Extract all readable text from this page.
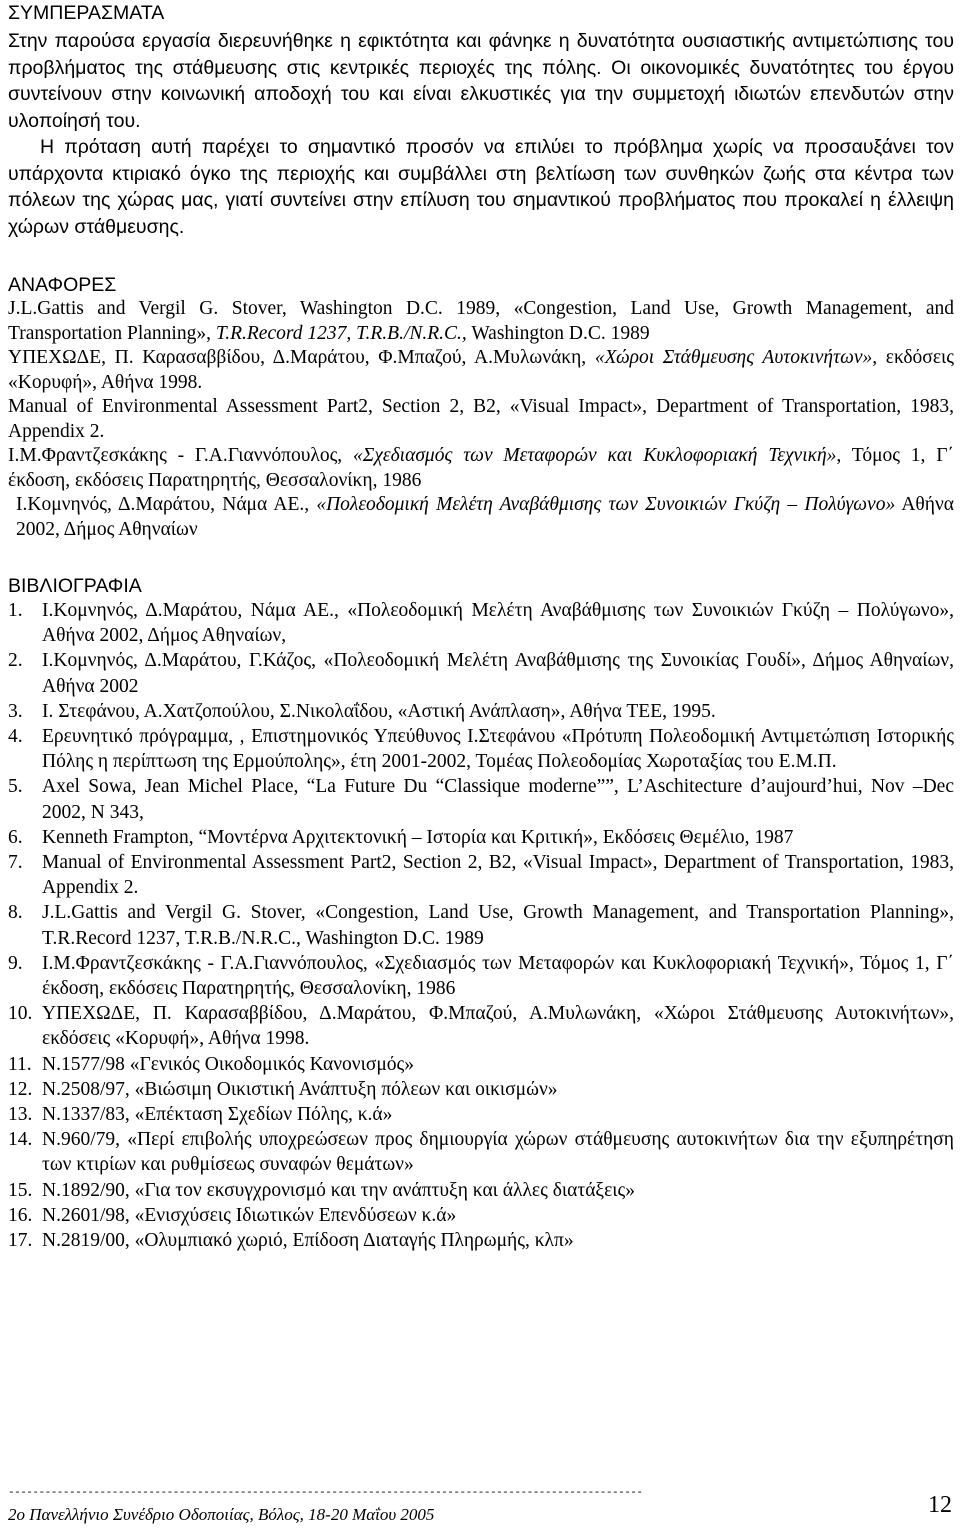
ΣΥΜΠΕΡΑΣΜΑΤΑ

Στην παρούσα εργασία διερευνήθηκε η εφικτότητα και φάνηκε η δυνατότητα ουσιαστικής αντιμετώπισης του προβλήματος της στάθμευσης στις κεντρικές περιοχές της πόλης. Οι οικονομικές δυνατότητες του έργου συντείνουν στην κοινωνική αποδοχή του και είναι ελκυστικές για την συμμετοχή ιδιωτών επενδυτών στην υλοποίησή του.

Η πρόταση αυτή παρέχει το σημαντικό προσόν να επιλύει το πρόβλημα χωρίς να προσαυξάνει τον υπάρχοντα κτιριακό όγκο της περιοχής και συμβάλλει στη βελτίωση των συνθηκών ζωής στα κέντρα των πόλεων της χώρας μας, γιατί συντείνει στην επίλυση του σημαντικού προβλήματος που προκαλεί η έλλειψη χώρων στάθμευσης.

ΑΝΑΦΟΡΕΣ

J.L.Gattis and Vergil G. Stover, Washington D.C. 1989, «Congestion, Land Use, Growth Management, and Transportation Planning», T.R.Record 1237, T.R.B./N.R.C., Washington D.C. 1989

ΥΠΕΧΩΔΕ, Π. Καρασαββίδου, Δ.Μαράτου, Φ.Μπαζού, Α.Μυλωνάκη, «Χώροι Στάθμευσης Αυτοκινήτων», εκδόσεις «Κορυφή», Αθήνα 1998.

Manual of Environmental Assessment Part2, Section 2, B2, «Visual Impact», Department of Transportation, 1983, Appendix 2.

I.M.Φραντζεσκάκης - Γ.Α.Γιαννόπουλος, «Σχεδιασμός των Μεταφορών και Κυκλοφοριακή Τεχνική», Τόμος 1, Γ΄ έκδοση, εκδόσεις Παρατηρητής, Θεσσαλονίκη, 1986

Ι.Κομνηνός, Δ.Μαράτου, Νάμα ΑΕ., «Πολεοδομική Μελέτη Αναβάθμισης των Συνοικιών Γκύζη – Πολύγωνο» Αθήνα 2002, Δήμος Αθηναίων

ΒΙΒΛΙΟΓΡΑΦΙΑ
1. Ι.Κομνηνός, Δ.Μαράτου, Νάμα ΑΕ., «Πολεοδομική Μελέτη Αναβάθμισης των Συνοικιών Γκύζη – Πολύγωνο», Αθήνα 2002, Δήμος Αθηναίων,
2. Ι.Κομνηνός, Δ.Μαράτου, Γ.Κάζος, «Πολεοδομική Μελέτη Αναβάθμισης της Συνοικίας Γουδί», Δήμος Αθηναίων, Αθήνα 2002
3. Ι. Στεφάνου, Α.Χατζοπούλου, Σ.Νικολαΐδου, «Αστική Ανάπλαση», Αθήνα ΤΕΕ, 1995.
4. Ερευνητικό πρόγραμμα, , Επιστημονικός Υπεύθυνος Ι.Στεφάνου «Πρότυπη Πολεοδομική Αντιμετώπιση Ιστορικής Πόλης η περίπτωση της Ερμούπολης», έτη 2001-2002, Τομέας Πολεοδομίας Χωροταξίας του Ε.Μ.Π.
5. Axel Sowa, Jean Michel Place, “La Future Du “Classique moderne””, L’Aschitecture d’aujourd’hui, Nov –Dec 2002, N 343,
6. Kenneth Frampton, “Μοντέρνα Αρχιτεκτονική – Ιστορία και Κριτική», Εκδόσεις Θεμέλιο, 1987
7. Manual of Environmental Assessment Part2, Section 2, B2, «Visual Impact», Department of Transportation, 1983, Appendix 2.
8. J.L.Gattis and Vergil G. Stover, «Congestion, Land Use, Growth Management, and Transportation Planning», T.R.Record 1237, T.R.B./N.R.C., Washington D.C. 1989
9. I.M.Φραντζεσκάκης - Γ.Α.Γιαννόπουλος, «Σχεδιασμός των Μεταφορών και Κυκλοφοριακή Τεχνική», Τόμος 1, Γ΄ έκδοση, εκδόσεις Παρατηρητής, Θεσσαλονίκη, 1986
10. ΥΠΕΧΩΔΕ, Π. Καρασαββίδου, Δ.Μαράτου, Φ.Μπαζού, Α.Μυλωνάκη, «Χώροι Στάθμευσης Αυτοκινήτων», εκδόσεις «Κορυφή», Αθήνα 1998.
11. N.1577/98 «Γενικός Οικοδομικός Κανονισμός»
12. N.2508/97, «Βιώσιμη Οικιστική Ανάπτυξη πόλεων και οικισμών»
13. N.1337/83, «Επέκταση Σχεδίων Πόλης, κ.ά»
14. N.960/79, «Περί επιβολής υποχρεώσεων προς δημιουργία χώρων στάθμευσης αυτοκινήτων δια την εξυπηρέτηση των κτιρίων και ρυθμίσεως συναφών θεμάτων»
15. N.1892/90, «Για τον εκσυγχρονισμό και την ανάπτυξη και άλλες διατάξεις»
16. N.2601/98, «Ενισχύσεις Ιδιωτικών Επενδύσεων κ.ά»
17. N.2819/00, «Ολυμπιακό χωριό, Επίδοση Διαταγής Πληρωμής, κλπ»
--------------------------------------------------------------------------------------------------------
2ο Πανελλήνιο Συνέδριο Οδοποιίας, Βόλος, 18-20 Μαΐου 2005	12
